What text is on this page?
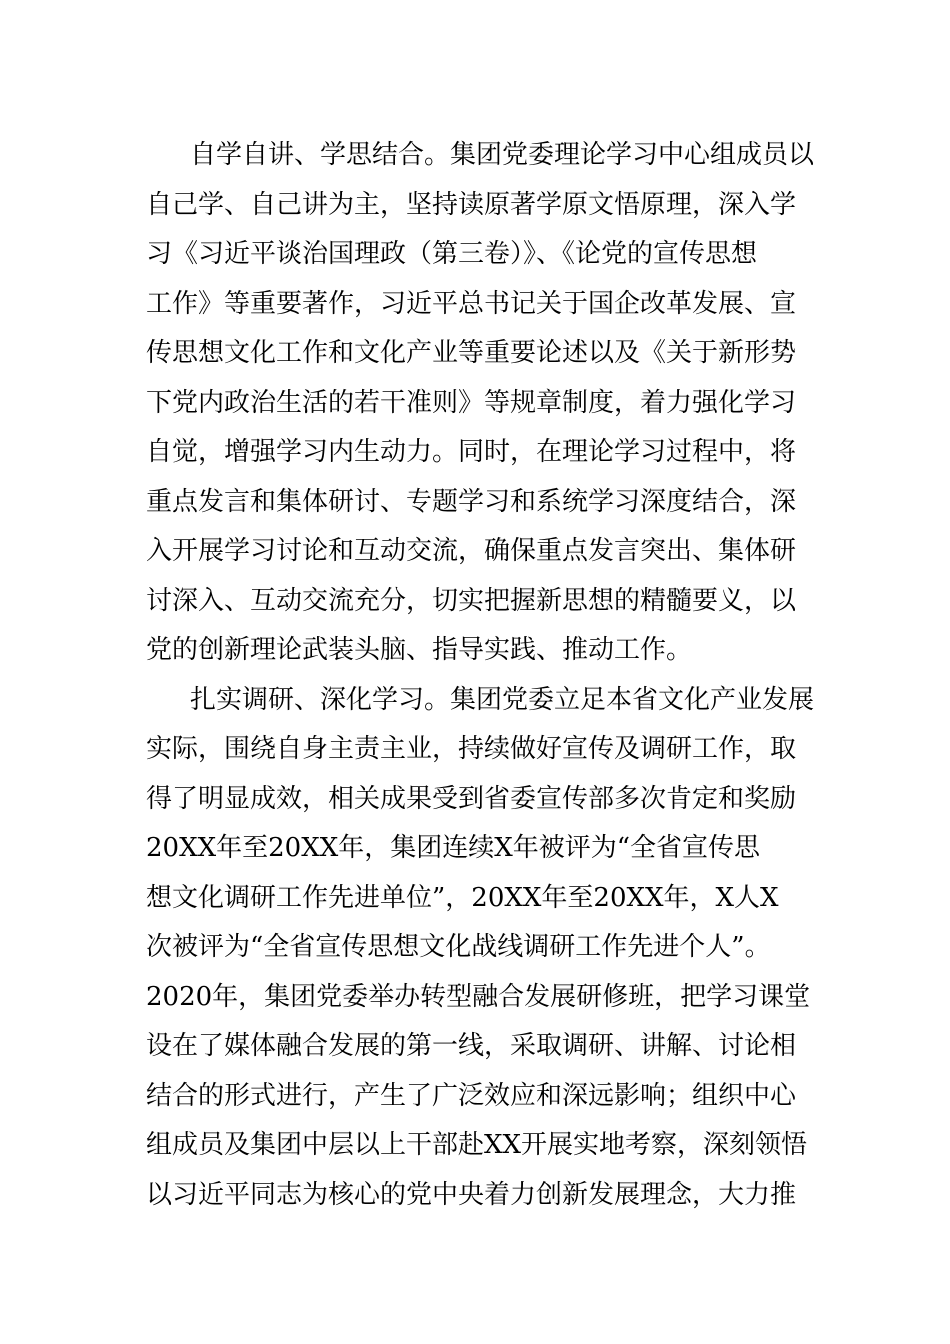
自学自讲、学思结合。集团党委理论学习中心组成员以
自己学、自己讲为主，坚持读原著学原文悟原理，深入学
习《习近平谈治国理政（第三卷）》、《论党的宣传思想
工作》等重要著作，习近平总书记关于国企改革发展、宣
传思想文化工作和文化产业等重要论述以及《关于新形势
下党内政治生活的若干准则》等规章制度，着力强化学习
自觉，增强学习内生动力。同时，在理论学习过程中，将
重点发言和集体研讨、专题学习和系统学习深度结合，深
入开展学习讨论和互动交流，确保重点发言突出、集体研
讨深入、互动交流充分，切实把握新思想的精髓要义，以
党的创新理论武装头脑、指导实践、推动工作。
扎实调研、深化学习。集团党委立足本省文化产业发展
实际，围绕自身主责主业，持续做好宣传及调研工作，取
得了明显成效，相关成果受到省委宣传部多次肯定和奖励
20XX年至20XX年，集团连续X年被评为“全省宣传思
想文化调研工作先进单位”，20XX年至20XX年，X人X
次被评为“全省宣传思想文化战线调研工作先进个人”。
2020年，集团党委举办转型融合发展研修班，把学习课堂
设在了媒体融合发展的第一线，采取调研、讲解、讨论相
结合的形式进行，产生了广泛效应和深远影响；组织中心
组成员及集团中层以上干部赴XX开展实地考察，深刻领悟
以习近平同志为核心的党中央着力创新发展理念，大力推
